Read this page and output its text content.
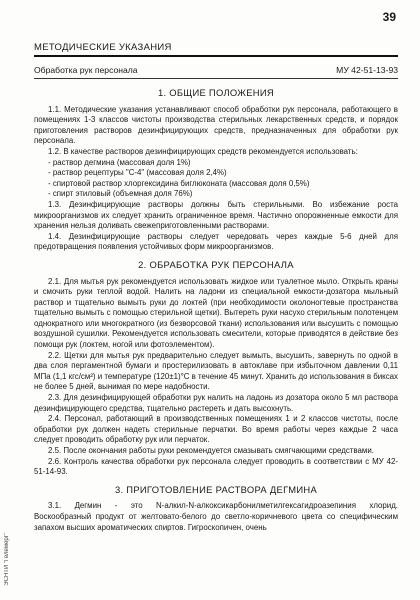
39
МЕТОДИЧЕСКИЕ УКАЗАНИЯ
Обработка рук персонала	МУ 42-51-13-93
1. ОБЩИЕ ПОЛОЖЕНИЯ

1.1. Методические указания устанавливают способ обработки рук персонала, работающего в помещениях 1-3 классов чистоты производства стерильных лекарственных средств, и порядок приготовления растворов дезинфицирующих средств, предназначенных для обработки рук персонала.

1.2. В качестве растворов дезинфицирующих средств рекомендуется использовать:

- раствор дегмина (массовая доля 1%)
- раствор рецептуры "С-4" (массовая доля 2,4%)
- спиртовой раствор хлоргексидина биглюконата (массовая доля 0,5%)
- спирт этиловый (объемная доля 76%)

1.3. Дезинфицирующие растворы должны быть стерильными. Во избежание роста микроорганизмов их следует хранить ограниченное время. Частично опорожненные емкости для хранения нельзя доливать свежеприготовленными растворами.

1.4. Дезинфицирующие растворы следует чередовать через каждые 5-6 дней для предотвращения появления устойчивых форм микроорганизмов.

2. ОБРАБОТКА РУК ПЕРСОНАЛА

2.1. Для мытья рук рекомендуется использовать жидкое или туалетное мыло. Открыть краны и смочить руки теплой водой. Налить на ладони из специальной емкости-дозатора мыльный раствор и тщательно вымыть руки до локтей (при необходимости околоногтевые пространства тщательно вымыть с помощью стерильной щетки). Вытереть руки насухо стерильным полотенцем однократного или многократного (из безворсовой ткани) использования или высушить с помощью воздушной сушилки. Рекомендуется использовать смесители, которые приводятся в действие без помощи рук (локтем, ногой или фотоэлементом).

2.2. Щетки для мытья рук предварительно следует вымыть, высушить, завернуть по одной в два слоя пергаментной бумаги и простерилизовать в автоклаве при избыточном давлении 0,11 МПа (1,1 кгс/см²) и температуре (120±1)°С в течение 45 минут. Хранить до использования в биксах не более 5 дней, вынимая по мере надобности.

2.3. Для дезинфицирующей обработки рук налить на ладонь из дозатора около 5 мл раствора дезинфицирующего средства, тщательно растереть и дать высохнуть.

2.4. Персонал, работающий в производственных помещениях 1 и 2 классов чистоты, после обработки рук должен надеть стерильные перчатки. Во время работы через каждые 2 часа следует проводить обработку рук или перчаток.

2.5. После окончания работы руки рекомендуется смазывать смягчающими средствами.

2.6. Контроль качества обработки рук персонала следует проводить в соответствии с МУ 42-51-14-93.

3. ПРИГОТОВЛЕНИЕ РАСТВОРА ДЕГМИНА

3.1. Дегмин - это N-алкил-N-алкоксикарбонилметилгексагидроазепиния хлорид. Воскообразный продукт от желтовато-белого до светло-коричневого цвета со специфическим запахом высших ароматических спиртов. Гигроскопичен, очень

ЭСНТИ "Гелемерг"
